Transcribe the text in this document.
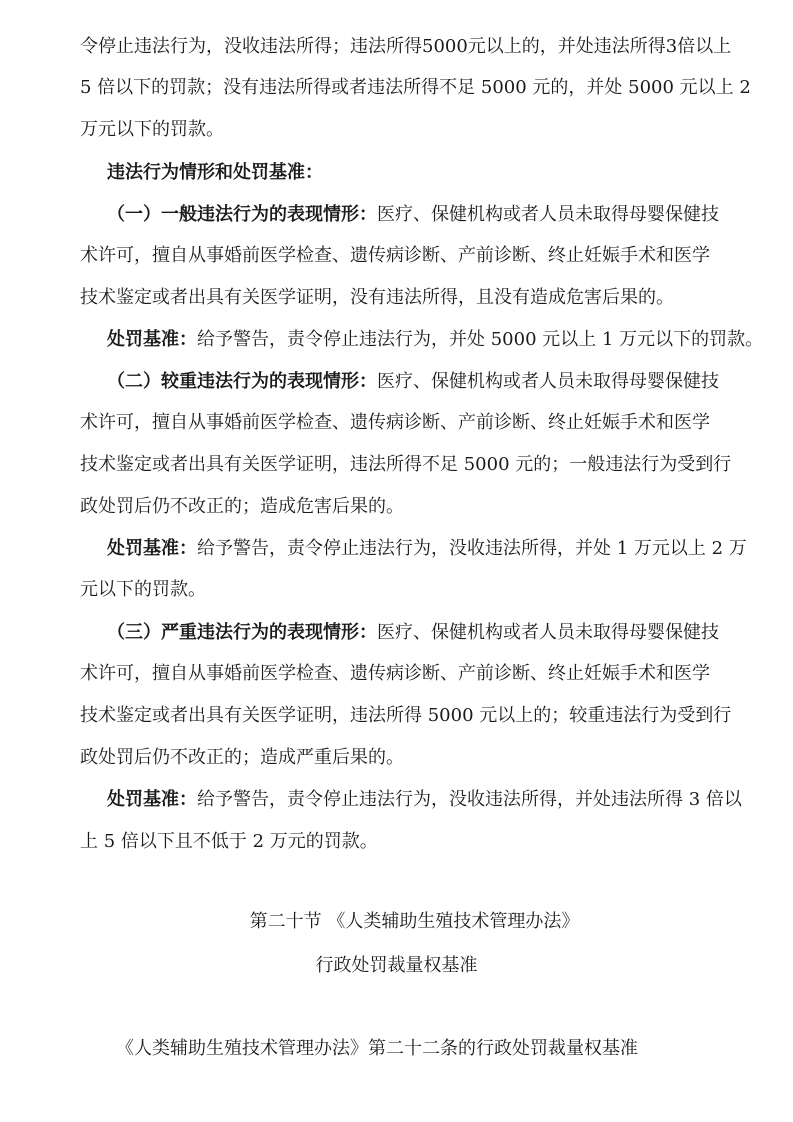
令停止违法行为，没收违法所得；违法所得5000元以上的，并处违法所得3倍以上
5 倍以下的罚款；没有违法所得或者违法所得不足 5000 元的，并处 5000 元以上 2
万元以下的罚款。
违法行为情形和处罚基准：
（一）一般违法行为的表现情形：医疗、保健机构或者人员未取得母婴保健技
术许可，擅自从事婚前医学检查、遗传病诊断、产前诊断、终止妊娠手术和医学
技术鉴定或者出具有关医学证明，没有违法所得，且没有造成危害后果的。
处罚基准：给予警告，责令停止违法行为，并处 5000 元以上 1 万元以下的罚款。
（二）较重违法行为的表现情形：医疗、保健机构或者人员未取得母婴保健技
术许可，擅自从事婚前医学检查、遗传病诊断、产前诊断、终止妊娠手术和医学
技术鉴定或者出具有关医学证明，违法所得不足 5000 元的；一般违法行为受到行
政处罚后仍不改正的；造成危害后果的。
处罚基准：给予警告，责令停止违法行为，没收违法所得，并处 1 万元以上 2 万
元以下的罚款。
（三）严重违法行为的表现情形：医疗、保健机构或者人员未取得母婴保健技
术许可，擅自从事婚前医学检查、遗传病诊断、产前诊断、终止妊娠手术和医学
技术鉴定或者出具有关医学证明，违法所得 5000 元以上的；较重违法行为受到行
政处罚后仍不改正的；造成严重后果的。
处罚基准：给予警告，责令停止违法行为，没收违法所得，并处违法所得 3 倍以
上 5 倍以下且不低于 2 万元的罚款。
第二十节 《人类辅助生殖技术管理办法》
行政处罚裁量权基准
《人类辅助生殖技术管理办法》第二十二条的行政处罚裁量权基准
